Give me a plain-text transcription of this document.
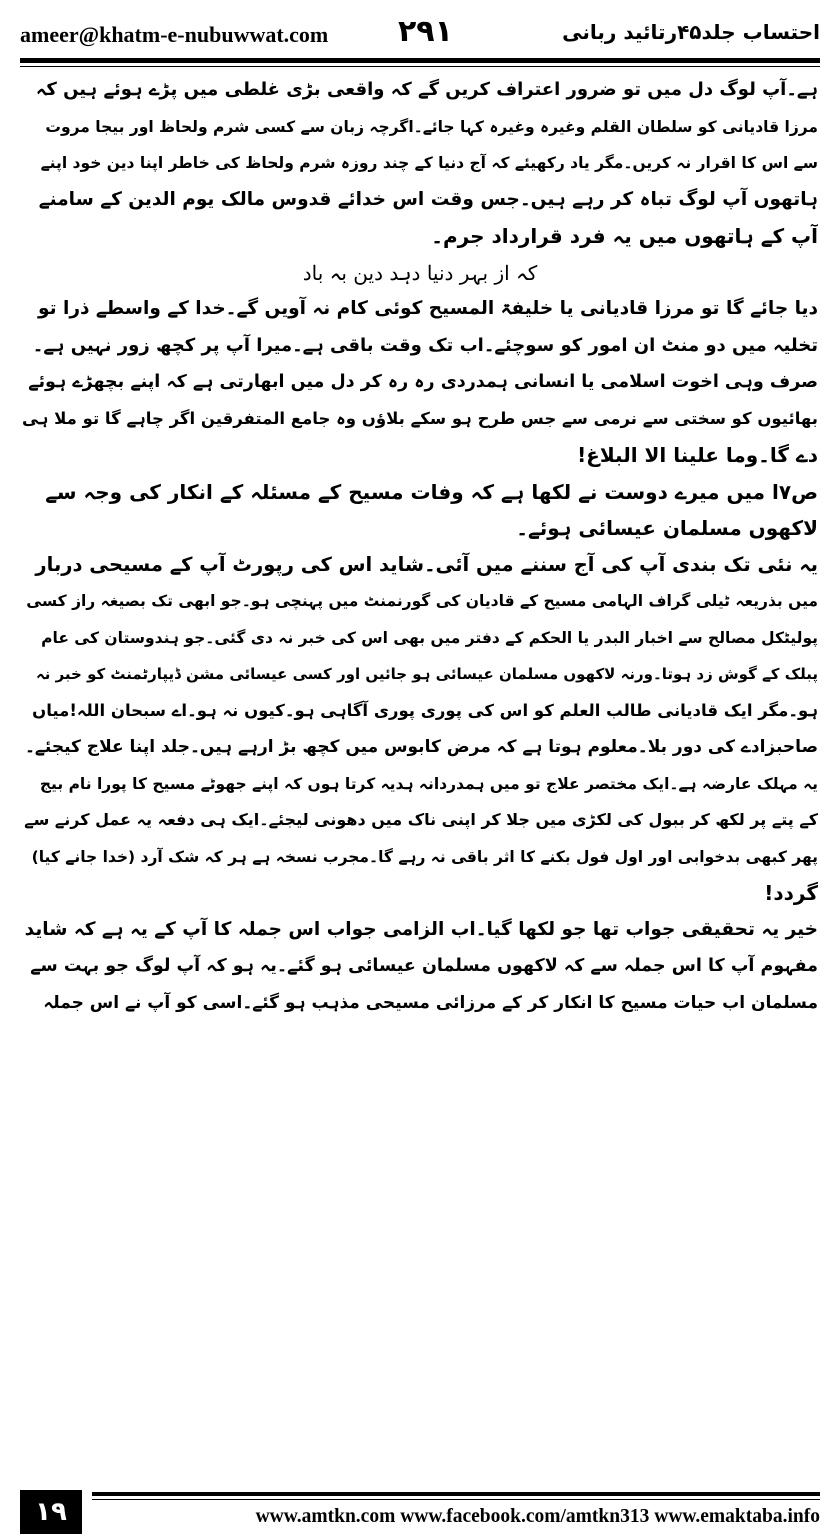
ameer@khatm-e-nubuwwat.com ۲۹۱	احتساب جلد۴۵رتائید ربانی
ہے۔آپ لوگ دل میں تو ضرور اعتراف کریں گے کہ واقعی بڑی غلطی میں پڑے ہوئے ہیں کہ
مرزا قادیانی کو سلطان القلم وغیرہ وغیرہ کہا جائے۔اگرچہ زبان سے کسی شرم ولحاظ اور بیجا مروت
سے اس کا اقرار نہ کریں۔مگر یاد رکھیئے کہ آج دنیا کے چند روزہ شرم ولحاظ کی خاطر اپنا دین خود اپنے
ہاتھوں آپ لوگ تباہ کر رہے ہیں۔جس وقت اس خدائے قدوس مالک یوم الدین کے سامنے
آپ کے ہاتھوں میں یہ فرد قرارداد جرم۔
کہ از بہر دنیا دہد دین بہ باد
دیا جائے گا تو مرزا قادیانی یا خلیفۃ المسیح کوئی کام نہ آویں گے۔خدا کے واسطے ذرا تو
تخلیہ میں دو منٹ ان امور کو سوچئے۔اب تک وقت باقی ہے۔میرا آپ پر کچھ زور نہیں ہے۔
صرف وہی اخوت اسلامی یا انسانی ہمدردی رہ رہ کر دل میں ابھارتی ہے کہ اپنے بچھڑے ہوئے
بھائیوں کو سختی سے نرمی سے جس طرح ہو سکے بلاؤں وہ جامع المتفرقین اگر چاہے گا تو ملا ہی
دے گا۔وما علینا الا البلاغ!
ص۷ا میں میرے دوست نے لکھا ہے کہ وفات مسیح کے مسئلہ کے انکار کی وجہ سے
لاکھوں مسلمان عیسائی ہوئے۔
یہ نئی تک بندی آپ کی آج سننے میں آئی۔شاید اس کی رپورٹ آپ کے مسیحی دربار
میں بذریعہ ٹیلی گراف الہامی مسیح کے قادیان کی گورنمنٹ میں پہنچی ہو۔جو ابھی تک بصیغہ راز کسی
پولیٹکل مصالح سے اخبار البدر یا الحکم کے دفتر میں بھی اس کی خبر نہ دی گئی۔جو ہندوستان کی عام
پبلک کے گوش زد ہوتا۔ورنہ لاکھوں مسلمان عیسائی ہو جائیں اور کسی عیسائی مشن ڈیپارٹمنٹ کو خبر نہ
ہو۔مگر ایک قادیانی طالب العلم کو اس کی پوری پوری آگاہی ہو۔کیوں نہ ہو۔اے سبحان اللہ!میاں
صاحبزادے کی دور بلا۔معلوم ہوتا ہے کہ مرض کابوس میں کچھ بڑ ارہے ہیں۔جلد اپنا علاج کیجئے۔
یہ مہلک عارضہ ہے۔ایک مختصر علاج تو میں ہمدردانہ ہدیہ کرتا ہوں کہ اپنے جھوٹے مسیح کا پورا نام بیج
کے پتے پر لکھ کر ببول کی لکڑی میں جلا کر اپنی ناک میں دھونی لیجئے۔ایک ہی دفعہ یہ عمل کرنے سے
پھر کبھی بدخوابی اور اول فول بکنے کا اثر باقی نہ رہے گا۔مجرب نسخہ ہے ہر کہ شک آرد (خدا جانے کیا)
گردد!
خیر یہ تحقیقی جواب تھا جو لکھا گیا۔اب الزامی جواب اس جملہ کا آپ کے یہ ہے کہ شاید
مفہوم آپ کا اس جملہ سے کہ لاکھوں مسلمان عیسائی ہو گئے۔یہ ہو کہ آپ لوگ جو بہت سے
مسلمان اب حیات مسیح کا انکار کر کے مرزائی مسیحی مذہب ہو گئے۔اسی کو آپ نے اس جملہ
۱۹	www.amtkn.com www.facebook.com/amtkn313 www.emaktaba.info
